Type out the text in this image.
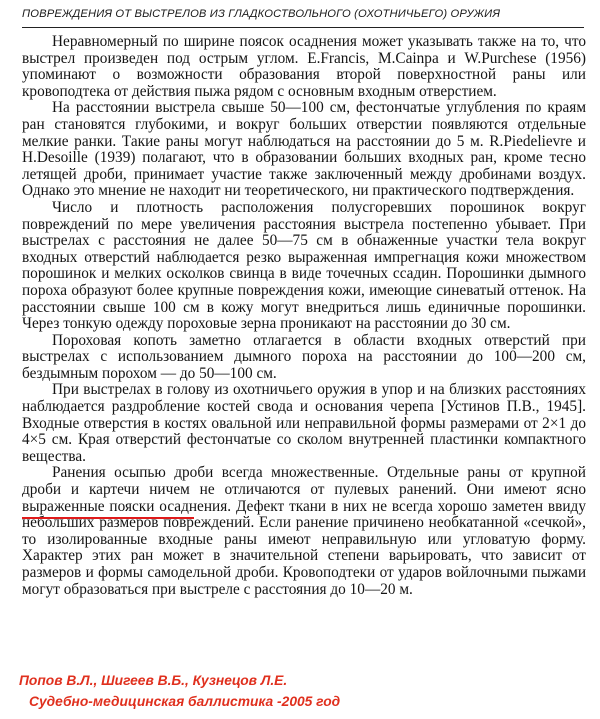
ПОВРЕЖДЕНИЯ ОТ ВЫСТРЕЛОВ ИЗ ГЛАДКОСТВОЛЬНОГО (ОХОТНИЧЬЕГО) ОРУЖИЯ

Неравномерный по ширине поясок осаднения может указывать также на то, что выстрел произведен под острым углом. E.Francis, M.Cainpa и W.Purchese (1956) упоминают о возможности образования второй поверхностной раны или кровоподтека от действия пыжа рядом с основным входным отверстием.

На расстоянии выстрела свыше 50—100 см, фестончатые углубления по краям ран становятся глубокими, и вокруг больших отверстии появляются отдельные мелкие ранки. Такие раны могут наблюдаться на расстоянии до 5 м. R.Piedelievre и H.Desoille (1939) полагают, что в образовании больших входных ран, кроме тесно летящей дроби, принимает участие также заключенный между дробинами воздух. Однако это мнение не находит ни теоретического, ни практического подтверждения.

Число и плотность расположения полусгоревших порошинок вокруг повреждений по мере увеличения расстояния выстрела постепенно убывает. При выстрелах с расстояния не далее 50—75 см в обнаженные участки тела вокруг входных отверстий наблюдается резко выраженная импрегнация кожи множеством порошинок и мелких осколков свинца в виде точечных ссадин. Порошинки дымного пороха образуют более крупные повреждения кожи, имеющие синеватый оттенок. На расстоянии свыше 100 см в кожу могут внедриться лишь единичные порошинки. Через тонкую одежду пороховые зерна проникают на расстоянии до 30 см.

Пороховая копоть заметно отлагается в области входных отверстий при выстрелах с использованием дымного пороха на расстоянии до 100—200 см, бездымным порохом — до 50—100 см.

При выстрелах в голову из охотничьего оружия в упор и на близких расстояниях наблюдается раздробление костей свода и основания черепа [Устинов П.В., 1945]. Входные отверстия в костях овальной или неправильной формы размерами от 2×1 до 4×5 см. Края отверстий фестончатые со сколом внутренней пластинки компактного вещества.

Ранения осыпью дроби всегда множественные. Отдельные раны от крупной дроби и картечи ничем не отличаются от пулевых ранений. Они имеют ясно выраженные пояски осаднения. Дефект ткани в них не всегда хорошо заметен ввиду небольших размеров повреждений. Если ранение причинено необкатанной «сечкой», то изолированные входные раны имеют неправильную или угловатую форму. Характер этих ран может в значительной степени варьировать, что зависит от размеров и формы самодельной дроби. Кровоподтеки от ударов войлочными пыжами могут образоваться при выстреле с расстояния до 10—20 м.

Попов В.Л., Шигеев В.Б., Кузнецов Л.Е.
Судебно-медицинская баллистика -2005 год
